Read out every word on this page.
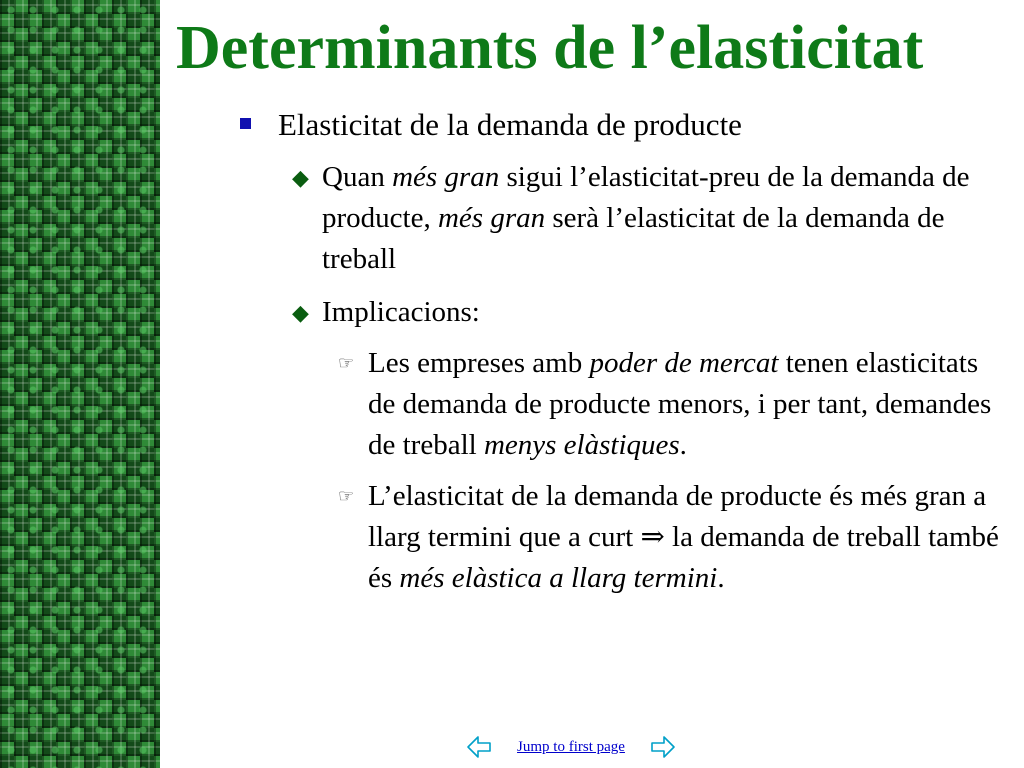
Determinants de l’elasticitat
Elasticitat de la demanda de producte
◆ Quan més gran sigui l’elasticitat-preu de la demanda de producte, més gran serà l’elasticitat de la demanda de treball
◆ Implicacions:
☞ Les empreses amb poder de mercat tenen elasticitats de demanda de producte menors, i per tant, demandes de treball menys elàstiques.
☞ L’elasticitat de la demanda de producte és més gran a llarg termini que a curt ⇒ la demanda de treball també és més elàstica a llarg termini.
Jump to first page
